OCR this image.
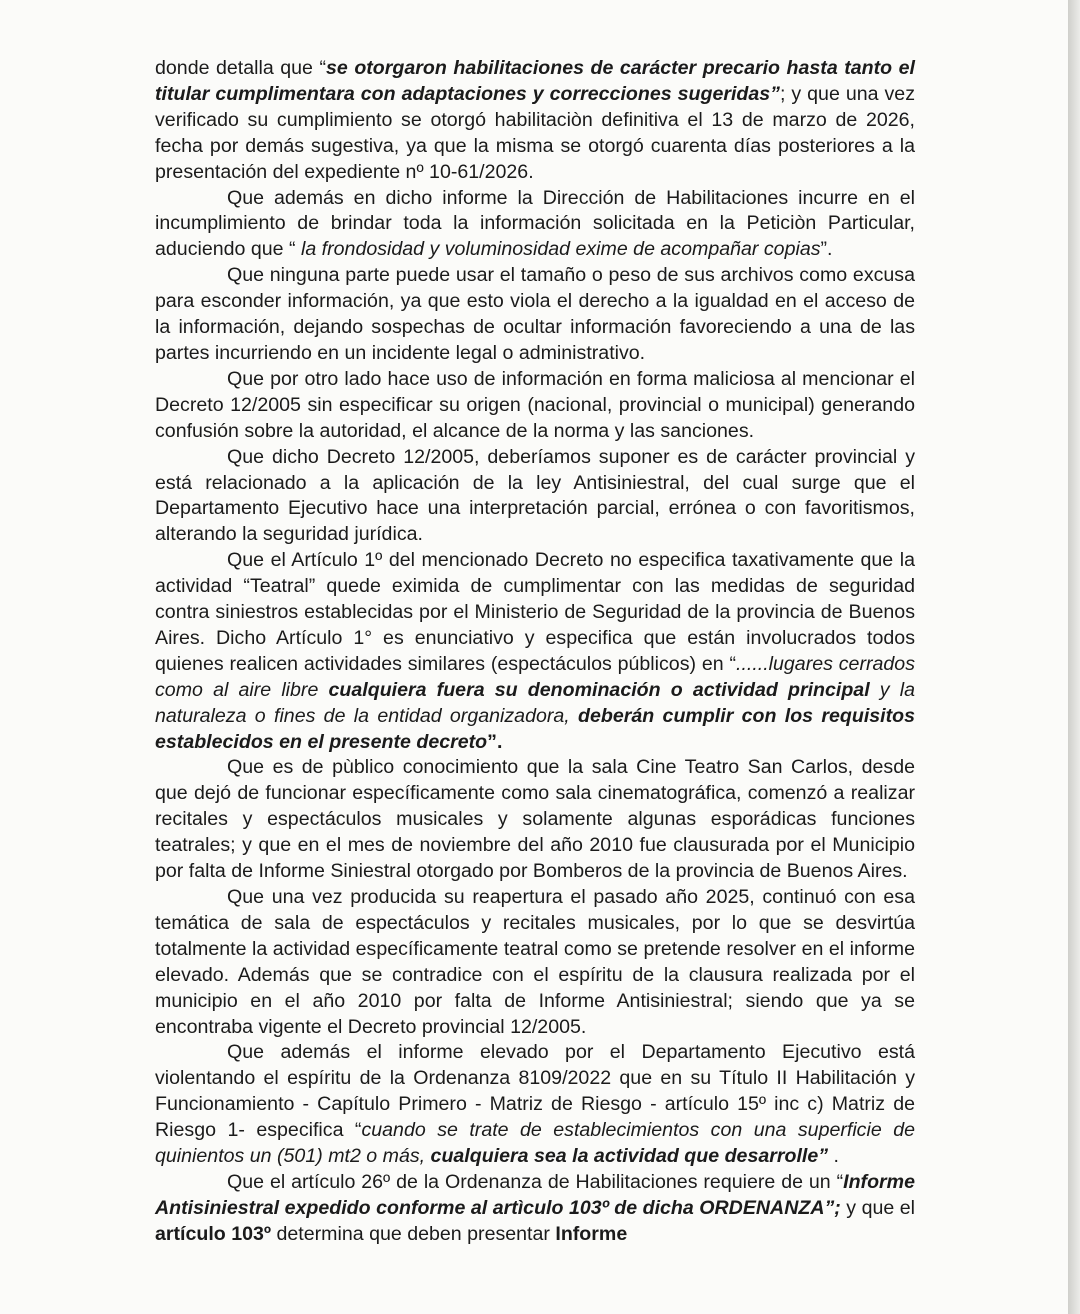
donde detalla que “se otorgaron habilitaciones de carácter precario hasta tanto el titular cumplimentara con adaptaciones y correcciones sugeridas”; y que una vez verificado su cumplimiento se otorgó habilitaciòn definitiva el 13 de marzo de 2026, fecha por demás sugestiva, ya que la misma se otorgó cuarenta días posteriores a la presentación del expediente nº 10-61/2026.

Que además en dicho informe la Dirección de Habilitaciones incurre en el incumplimiento de brindar toda la información solicitada en la Peticiòn Particular, aduciendo que “ la frondosidad y voluminosidad exime de acompañar copias”.

Que ninguna parte puede usar el tamaño o peso de sus archivos como excusa para esconder información, ya que esto viola el derecho a la igualdad en el acceso de la información, dejando sospechas de ocultar información favoreciendo a una de las partes incurriendo en un incidente legal o administrativo.

Que por otro lado hace uso de información en forma maliciosa al mencionar el Decreto 12/2005 sin especificar su origen (nacional, provincial o municipal) generando confusión sobre la autoridad, el alcance de la norma y las sanciones.

Que dicho Decreto 12/2005, deberíamos suponer es de carácter provincial y está relacionado a la aplicación de la ley Antisiniestral, del cual surge que el Departamento Ejecutivo hace una interpretación parcial, errónea o con favoritismos, alterando la seguridad jurídica.

Que el Artículo 1º del mencionado Decreto no especifica taxativamente que la actividad “Teatral” quede eximida de cumplimentar con las medidas de seguridad contra siniestros establecidas por el Ministerio de Seguridad de la provincia de Buenos Aires. Dicho Artículo 1° es enunciativo y especifica que están involucrados todos quienes realicen actividades similares (espectáculos públicos) en “......lugares cerrados como al aire libre cualquiera fuera su denominación o actividad principal y la naturaleza o fines de la entidad organizadora, deberán cumplir con los requisitos establecidos en el presente decreto”.

Que es de pùblico conocimiento que la sala Cine Teatro San Carlos, desde que dejó de funcionar específicamente como sala cinematográfica, comenzó a realizar recitales y espectáculos musicales y solamente algunas esporádicas funciones teatrales; y que en el mes de noviembre del año 2010 fue clausurada por el Municipio por falta de Informe Siniestral otorgado por Bomberos de la provincia de Buenos Aires.

Que una vez producida su reapertura el pasado año 2025, continuó con esa temática de sala de espectáculos y recitales musicales, por lo que se desvirtúa totalmente la actividad específicamente teatral como se pretende resolver en el informe elevado. Además que se contradice con el espíritu de la clausura realizada por el municipio en el año 2010 por falta de Informe Antisiniestral; siendo que ya se encontraba vigente el Decreto provincial 12/2005.

Que además el informe elevado por el Departamento Ejecutivo está violentando el espíritu de la Ordenanza 8109/2022 que en su Título II Habilitación y Funcionamiento - Capítulo Primero - Matriz de Riesgo - artículo 15º inc c) Matriz de Riesgo 1- especifica “cuando se trate de establecimientos con una superficie de quinientos un (501) mt2 o más, cualquiera sea la actividad que desarrolle” .

Que el artículo 26º de la Ordenanza de Habilitaciones requiere de un “Informe Antisiniestral expedido conforme al artìculo 103º de dicha ORDENANZA”; y que el artículo 103º determina que deben presentar Informe
